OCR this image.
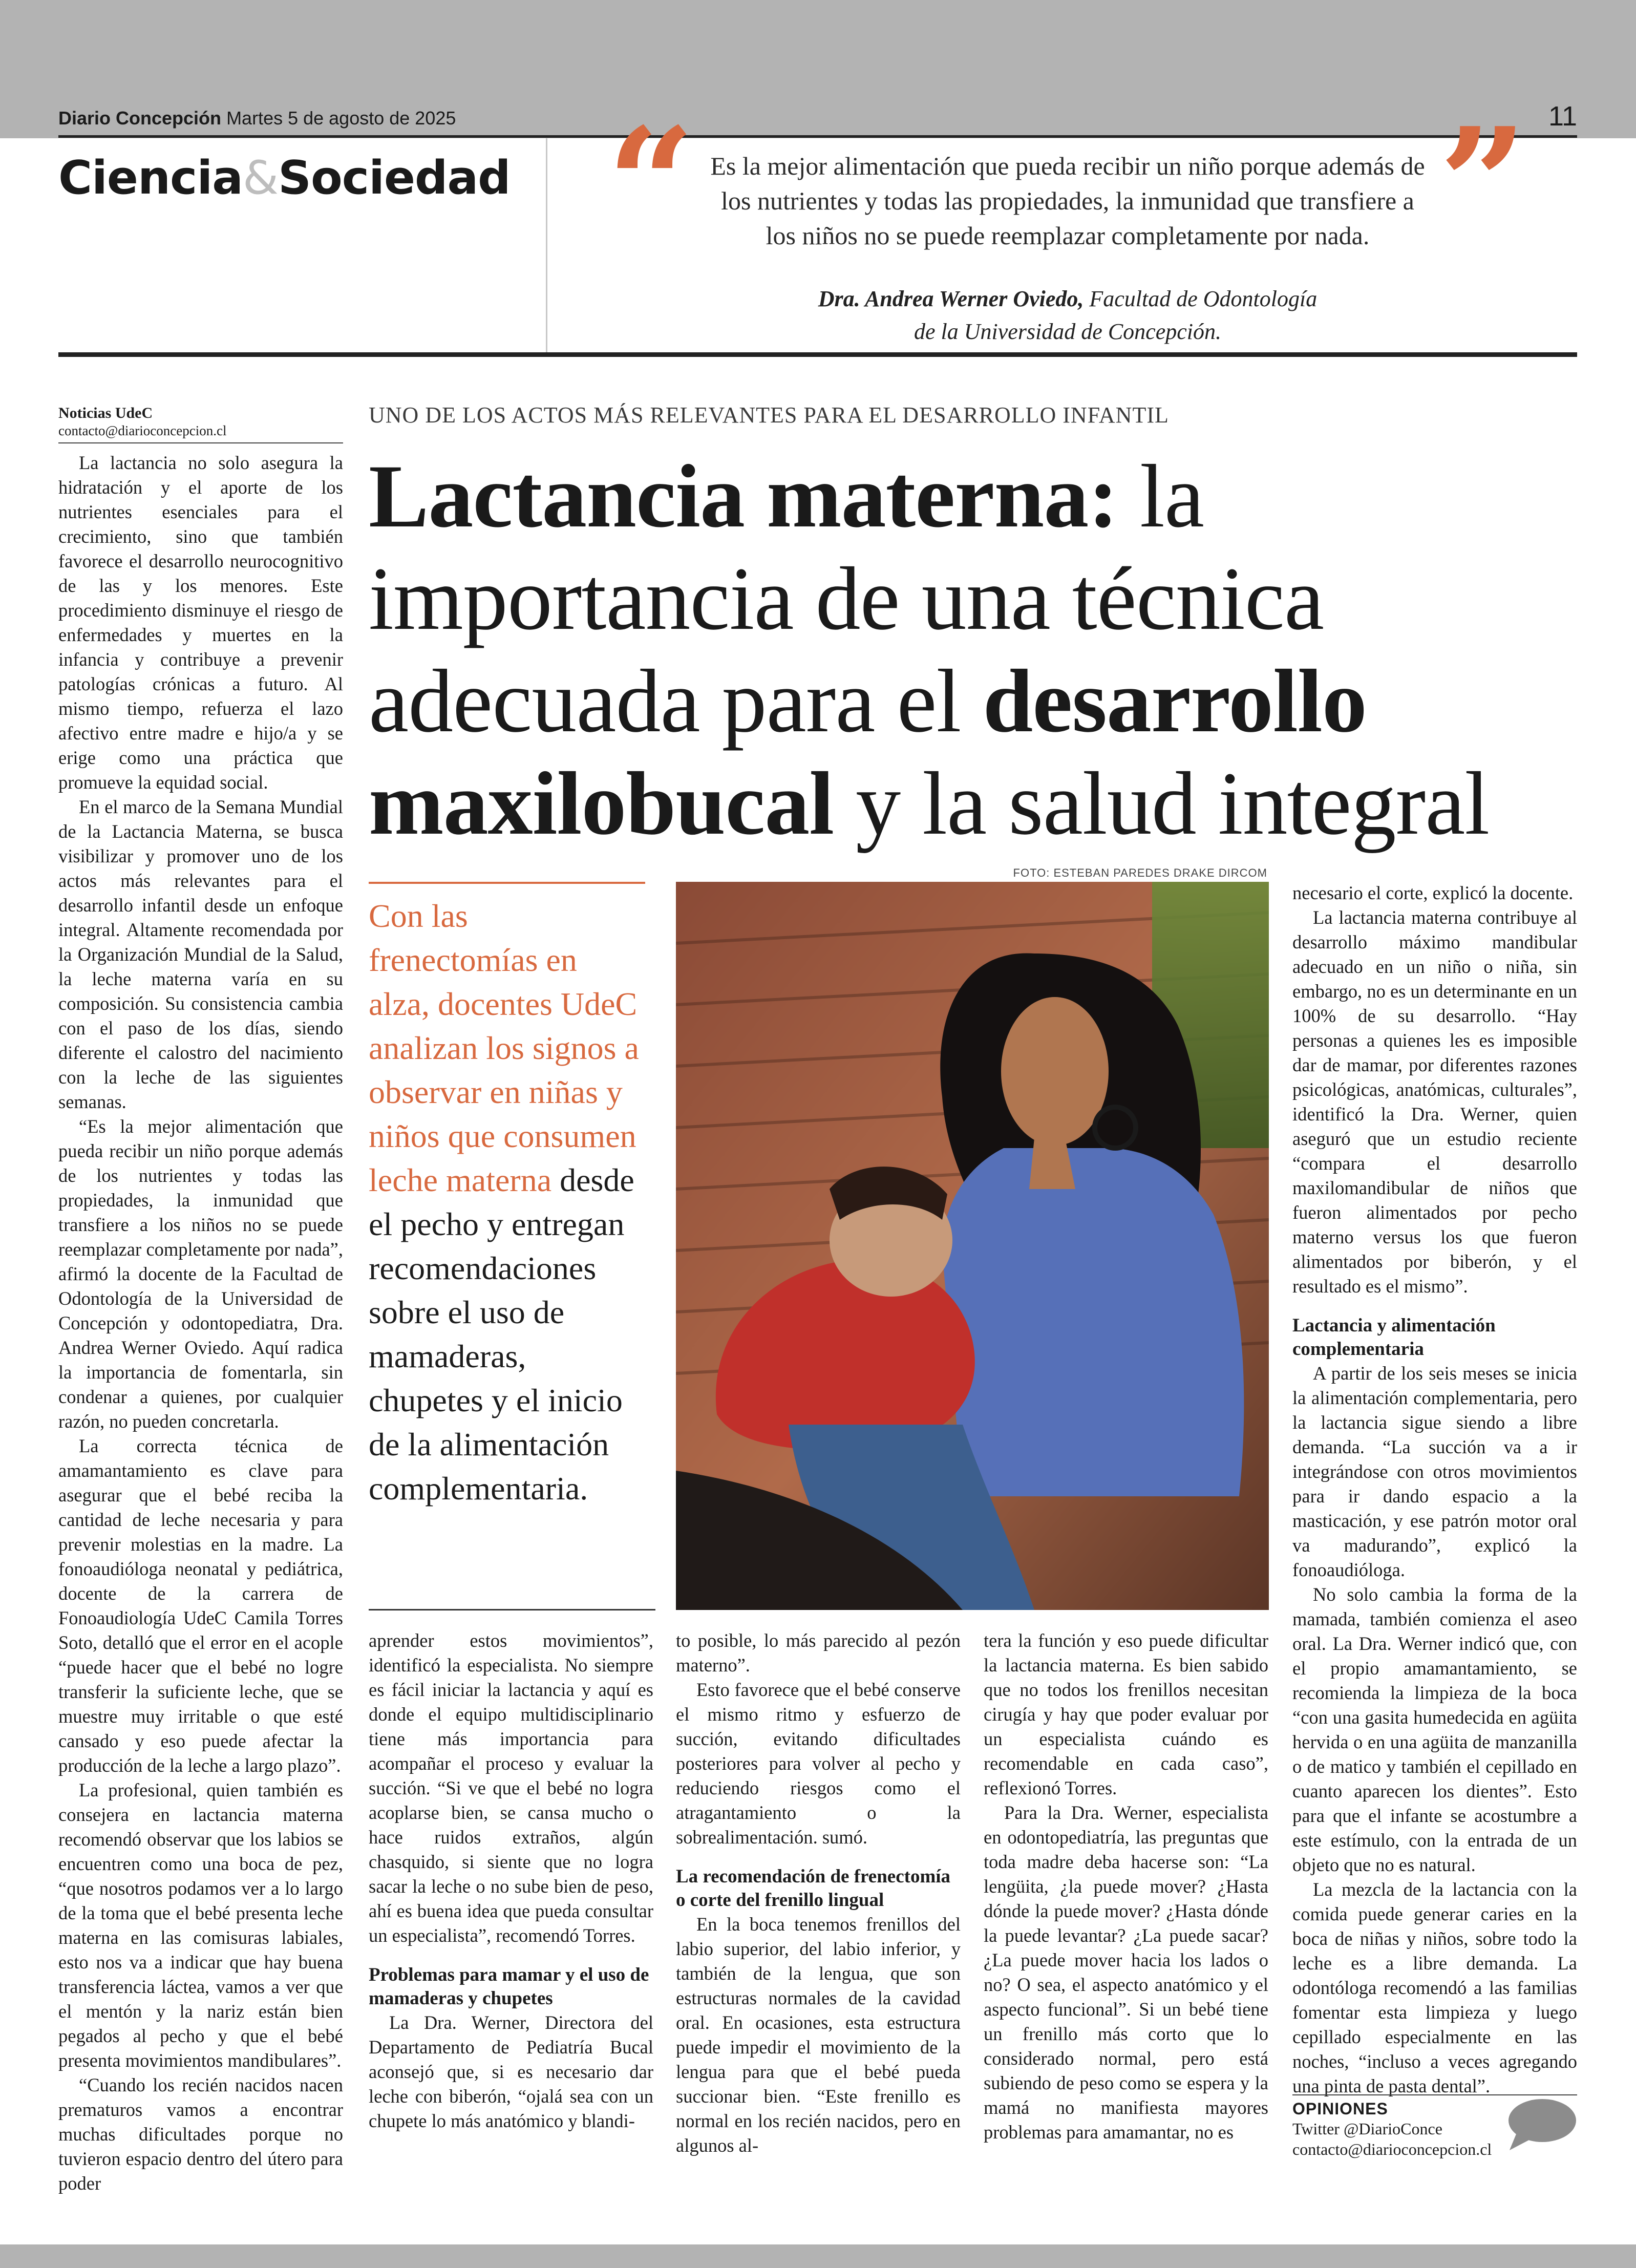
Diario Concepción Martes 5 de agosto de 2025	11
Ciencia&Sociedad “	”
Es la mejor alimentación que pueda recibir un niño porque además de los nutrientes y todas las propiedades, la inmunidad que transfiere a los niños no se puede reemplazar completamente por nada.
Dra. Andrea Werner Oviedo, Facultad de Odontología
de la Universidad de Concepción.
Noticias UdeC
contacto@diarioconcepcion.cl
UNO DE LOS ACTOS MÁS RELEVANTES PARA EL DESARROLLO INFANTIL
Lactancia materna: la importancia de una técnica adecuada para el desarrollo maxilobucal y la salud integral
FOTO: ESTEBAN PAREDES DRAKE DIRCOM
Con las frenectomías en alza, docentes UdeC analizan los signos a observar en niñas y niños que consumen leche materna desde el pecho y entregan recomendaciones sobre el uso de mamaderas, chupetes y el inicio de la alimentación complementaria.

La lactancia no solo asegura la hidratación y el aporte de los nutrientes esenciales para el crecimiento, sino que también favorece el desarrollo neurocognitivo de las y los menores. Este procedimiento disminuye el riesgo de enfermedades y muertes en la infancia y contribuye a prevenir patologías crónicas a futuro. Al mismo tiempo, refuerza el lazo afectivo entre madre e hijo/a y se erige como una práctica que promueve la equidad social.

En el marco de la Semana Mundial de la Lactancia Materna, se busca visibilizar y promover uno de los actos más relevantes para el desarrollo infantil desde un enfoque integral. Altamente recomendada por la Organización Mundial de la Salud, la leche materna varía en su composición. Su consistencia cambia con el paso de los días, siendo diferente el calostro del nacimiento con la leche de las siguientes semanas.

“Es la mejor alimentación que pueda recibir un niño porque además de los nutrientes y todas las propiedades, la inmunidad que transfiere a los niños no se puede reemplazar completamente por nada”, afirmó la docente de la Facultad de Odontología de la Universidad de Concepción y odontopediatra, Dra. Andrea Werner Oviedo. Aquí radica la importancia de fomentarla, sin condenar a quienes, por cualquier razón, no pueden concretarla.

La correcta técnica de amamantamiento es clave para asegurar que el bebé reciba la cantidad de leche necesaria y para prevenir molestias en la madre. La fonoaudióloga neonatal y pediátrica, docente de la carrera de Fonoaudiología UdeC Camila Torres Soto, detalló que el error en el acople “puede hacer que el bebé no logre transferir la suficiente leche, que se muestre muy irritable o que esté cansado y eso puede afectar la producción de la leche a largo plazo”.

La profesional, quien también es consejera en lactancia materna recomendó observar que los labios se encuentren como una boca de pez, “que nosotros podamos ver a lo largo de la toma que el bebé presenta leche materna en las comisuras labiales, esto nos va a indicar que hay buena transferencia láctea, vamos a ver que el mentón y la nariz están bien pegados al pecho y que el bebé presenta movimientos mandibulares”.

“Cuando los recién nacidos nacen prematuros vamos a encontrar muchas dificultades porque no tuvieron espacio dentro del útero para poder

aprender estos movimientos”, identificó la especialista. No siempre es fácil iniciar la lactancia y aquí es donde el equipo multidisciplinario tiene más importancia para acompañar el proceso y evaluar la succión. “Si ve que el bebé no logra acoplarse bien, se cansa mucho o hace ruidos extraños, algún chasquido, si siente que no logra sacar la leche o no sube bien de peso, ahí es buena idea que pueda consultar un especialista”, recomendó Torres.

Problemas para mamar y el uso de mamaderas y chupetes

La Dra. Werner, Directora del Departamento de Pediatría Bucal aconsejó que, si es necesario dar leche con biberón, “ojalá sea con un chupete lo más anatómico y blandi-

to posible, lo más parecido al pezón materno”.

Esto favorece que el bebé conserve el mismo ritmo y esfuerzo de succión, evitando dificultades posteriores para volver al pecho y reduciendo riesgos como el atragantamiento o la sobrealimentación. sumó.

La recomendación de frenectomía o corte del frenillo lingual

En la boca tenemos frenillos del labio superior, del labio inferior, y también de la lengua, que son estructuras normales de la cavidad oral. En ocasiones, esta estructura puede impedir el movimiento de la lengua para que el bebé pueda succionar bien. “Este frenillo es normal en los recién nacidos, pero en algunos al-

tera la función y eso puede dificultar la lactancia materna. Es bien sabido que no todos los frenillos necesitan cirugía y hay que poder evaluar por un especialista cuándo es recomendable en cada caso”, reflexionó Torres.

Para la Dra. Werner, especialista en odontopediatría, las preguntas que toda madre deba hacerse son: “La lengüita, ¿la puede mover? ¿Hasta dónde la puede mover? ¿Hasta dónde la puede levantar? ¿La puede sacar? ¿La puede mover hacia los lados o no? O sea, el aspecto anatómico y el aspecto funcional”. Si un bebé tiene un frenillo más corto que lo considerado normal, pero está subiendo de peso como se espera y la mamá no manifiesta mayores problemas para amamantar, no es

necesario el corte, explicó la docente.

La lactancia materna contribuye al desarrollo máximo mandibular adecuado en un niño o niña, sin embargo, no es un determinante en un 100% de su desarrollo. “Hay personas a quienes les es imposible dar de mamar, por diferentes razones psicológicas, anatómicas, culturales”, identificó la Dra. Werner, quien aseguró que un estudio reciente “compara el desarrollo maxilomandibular de niños que fueron alimentados por pecho materno versus los que fueron alimentados por biberón, y el resultado es el mismo”.

Lactancia y alimentación complementaria

A partir de los seis meses se inicia la alimentación complementaria, pero la lactancia sigue siendo a libre demanda. “La succión va a ir integrándose con otros movimientos para ir dando espacio a la masticación, y ese patrón motor oral va madurando”, explicó la fonoaudióloga.

No solo cambia la forma de la mamada, también comienza el aseo oral. La Dra. Werner indicó que, con el propio amamantamiento, se recomienda la limpieza de la boca “con una gasita humedecida en agüita hervida o en una agüita de manzanilla o de matico y también el cepillado en cuanto aparecen los dientes”. Esto para que el infante se acostumbre a este estímulo, con la entrada de un objeto que no es natural.

La mezcla de la lactancia con la comida puede generar caries en la boca de niñas y niños, sobre todo la leche es a libre demanda. La odontóloga recomendó a las familias fomentar esta limpieza y luego cepillado especialmente en las noches, “incluso a veces agregando una pinta de pasta dental”.

OPINIONES
Twitter @DiarioConce
contacto@diarioconcepcion.cl
